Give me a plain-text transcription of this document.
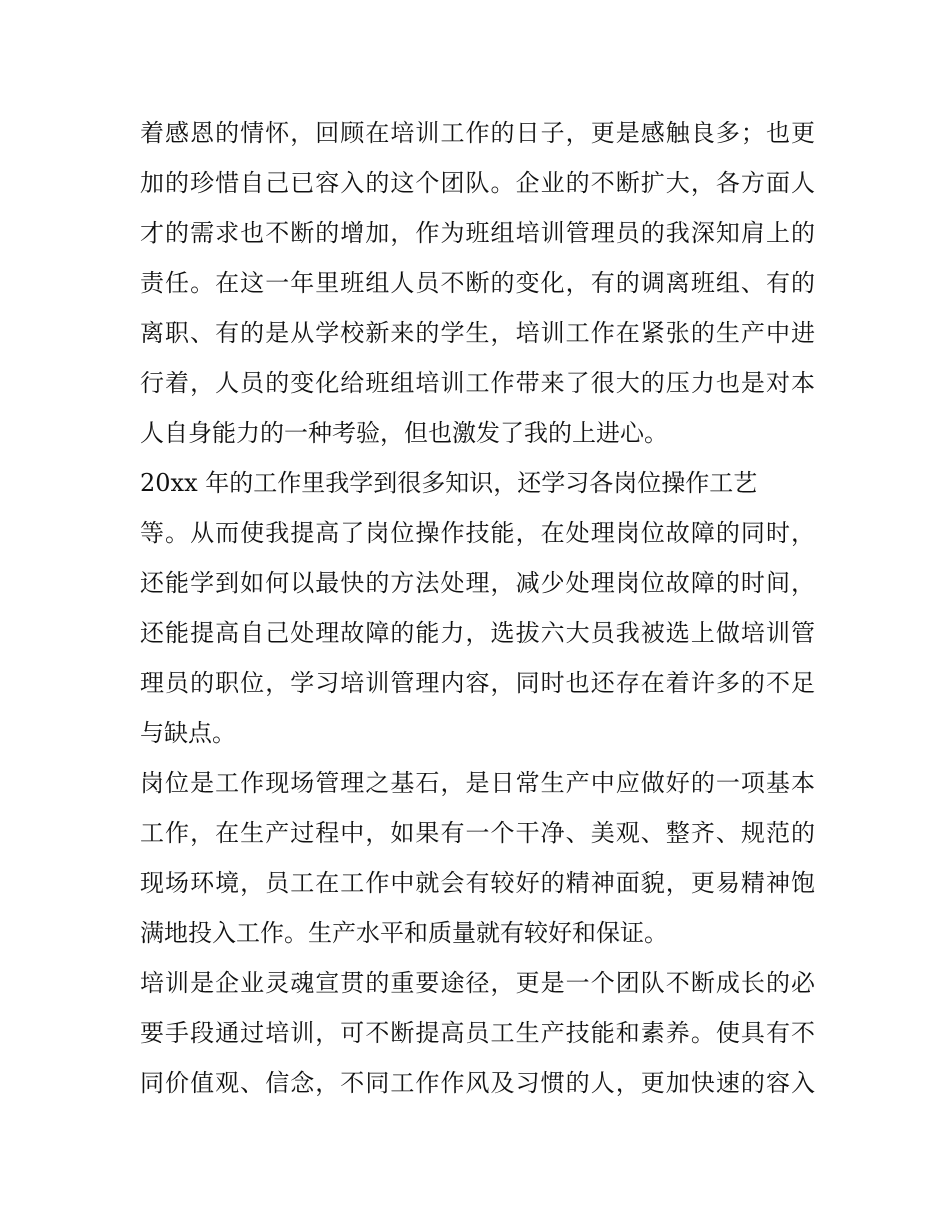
着感恩的情怀，回顾在培训工作的日子，更是感触良多；也更
加的珍惜自己已容入的这个团队。企业的不断扩大，各方面人
才的需求也不断的增加，作为班组培训管理员的我深知肩上的
责任。在这一年里班组人员不断的变化，有的调离班组、有的
离职、有的是从学校新来的学生，培训工作在紧张的生产中进
行着，人员的变化给班组培训工作带来了很大的压力也是对本
人自身能力的一种考验，但也激发了我的上进心。
20xx 年的工作里我学到很多知识，还学习各岗位操作工艺
等。从而使我提高了岗位操作技能，在处理岗位故障的同时，
还能学到如何以最快的方法处理，减少处理岗位故障的时间，
还能提高自己处理故障的能力，选拔六大员我被选上做培训管
理员的职位，学习培训管理内容，同时也还存在着许多的不足
与缺点。
岗位是工作现场管理之基石，是日常生产中应做好的一项基本
工作，在生产过程中，如果有一个干净、美观、整齐、规范的
现场环境，员工在工作中就会有较好的精神面貌，更易精神饱
满地投入工作。生产水平和质量就有较好和保证。
培训是企业灵魂宣贯的重要途径，更是一个团队不断成长的必
要手段通过培训，可不断提高员工生产技能和素养。使具有不
同价值观、信念，不同工作作风及习惯的人，更加快速的容入
